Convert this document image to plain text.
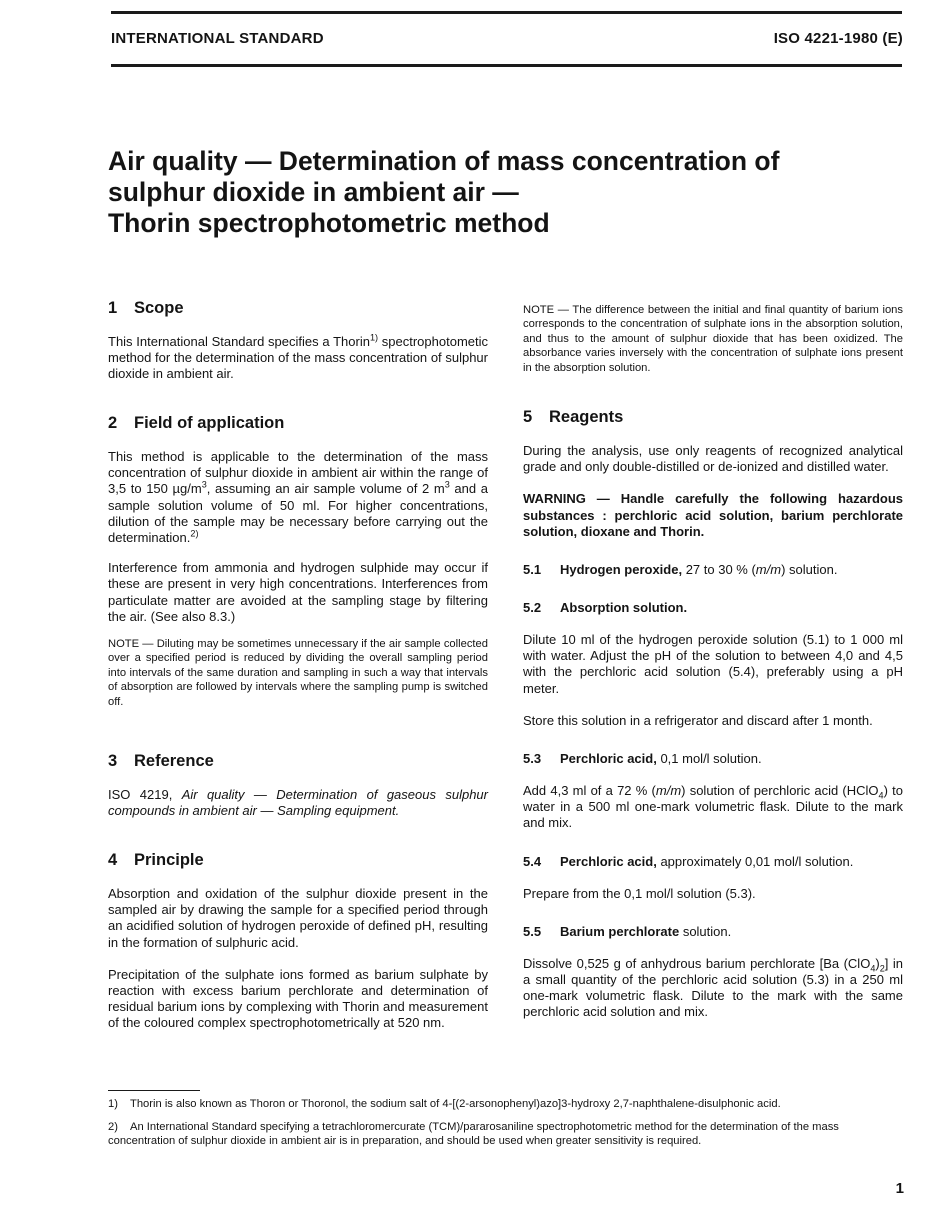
INTERNATIONAL STANDARD	ISO 4221-1980 (E)
Air quality — Determination of mass concentration of
sulphur dioxide in ambient air —
Thorin spectrophotometric method
1 Scope

This International Standard specifies a Thorin$^{1)}$ spectrophotometic method for the determination of the mass concentration of sulphur dioxide in ambient air.

2 Field of application

This method is applicable to the determination of the mass concentration of sulphur dioxide in ambient air within the range of 3,5 to 150 $\mu g/m^3$, assuming an air sample volume of 2 $m^3$ and a sample solution volume of 50 ml. For higher concentrations, dilution of the sample may be necessary before carrying out the determination.$^{2)}$

Interference from ammonia and hydrogen sulphide may occur if these are present in very high concentrations. Interferences from particulate matter are avoided at the sampling stage by filtering the air. (See also 8.3.)

NOTE — Diluting may be sometimes unnecessary if the air sample collected over a specified period is reduced by dividing the overall sampling period into intervals of the same duration and sampling in such a way that intervals of absorption are followed by intervals where the sampling pump is switched off.

3 Reference

ISO 4219, Air quality — Determination of gaseous sulphur compounds in ambient air — Sampling equipment.

4 Principle

Absorption and oxidation of the sulphur dioxide present in the sampled air by drawing the sample for a specified period through an acidified solution of hydrogen peroxide of defined pH, resulting in the formation of sulphuric acid.

Precipitation of the sulphate ions formed as barium sulphate by reaction with excess barium perchlorate and determination of residual barium ions by complexing with Thorin and measurement of the coloured complex spectrophotometrically at 520 nm.

NOTE — The difference between the initial and final quantity of barium ions corresponds to the concentration of sulphate ions in the absorption solution, and thus to the amount of sulphur dioxide that has been oxidized. The absorbance varies inversely with the concentration of sulphate ions present in the absorption solution.

5 Reagents

During the analysis, use only reagents of recognized analytical grade and only double-distilled or de-ionized and distilled water.

WARNING — Handle carefully the following hazardous substances : perchloric acid solution, barium perchlorate solution, dioxane and Thorin.

5.1 Hydrogen peroxide, 27 to 30 % (m/m) solution.

5.2 Absorption solution.

Dilute 10 ml of the hydrogen peroxide solution (5.1) to 1 000 ml with water. Adjust the pH of the solution to between 4,0 and 4,5 with the perchloric acid solution (5.4), preferably using a pH meter.

Store this solution in a refrigerator and discard after 1 month.

5.3 Perchloric acid, 0,1 mol/l solution.

Add 4,3 ml of a 72 % (m/m) solution of perchloric acid (HClO$_4$) to water in a 500 ml one-mark volumetric flask. Dilute to the mark and mix.

5.4 Perchloric acid, approximately 0,01 mol/l solution.

Prepare from the 0,1 mol/l solution (5.3).

5.5 Barium perchlorate solution.

Dissolve 0,525 g of anhydrous barium perchlorate [Ba $(ClO_4)_2$] in a small quantity of the perchloric acid solution (5.3) in a 250 ml one-mark volumetric flask. Dilute to the mark with the same perchloric acid solution and mix.

1) Thorin is also known as Thoron or Thoronol, the sodium salt of 4-[(2-arsonophenyl)azo]3-hydroxy 2,7-naphthalene-disulphonic acid.

2) An International Standard specifying a tetrachloromercurate (TCM)/pararosaniline spectrophotometric method for the determination of the mass concentration of sulphur dioxide in ambient air is in preparation, and should be used when greater sensitivity is required.

1
